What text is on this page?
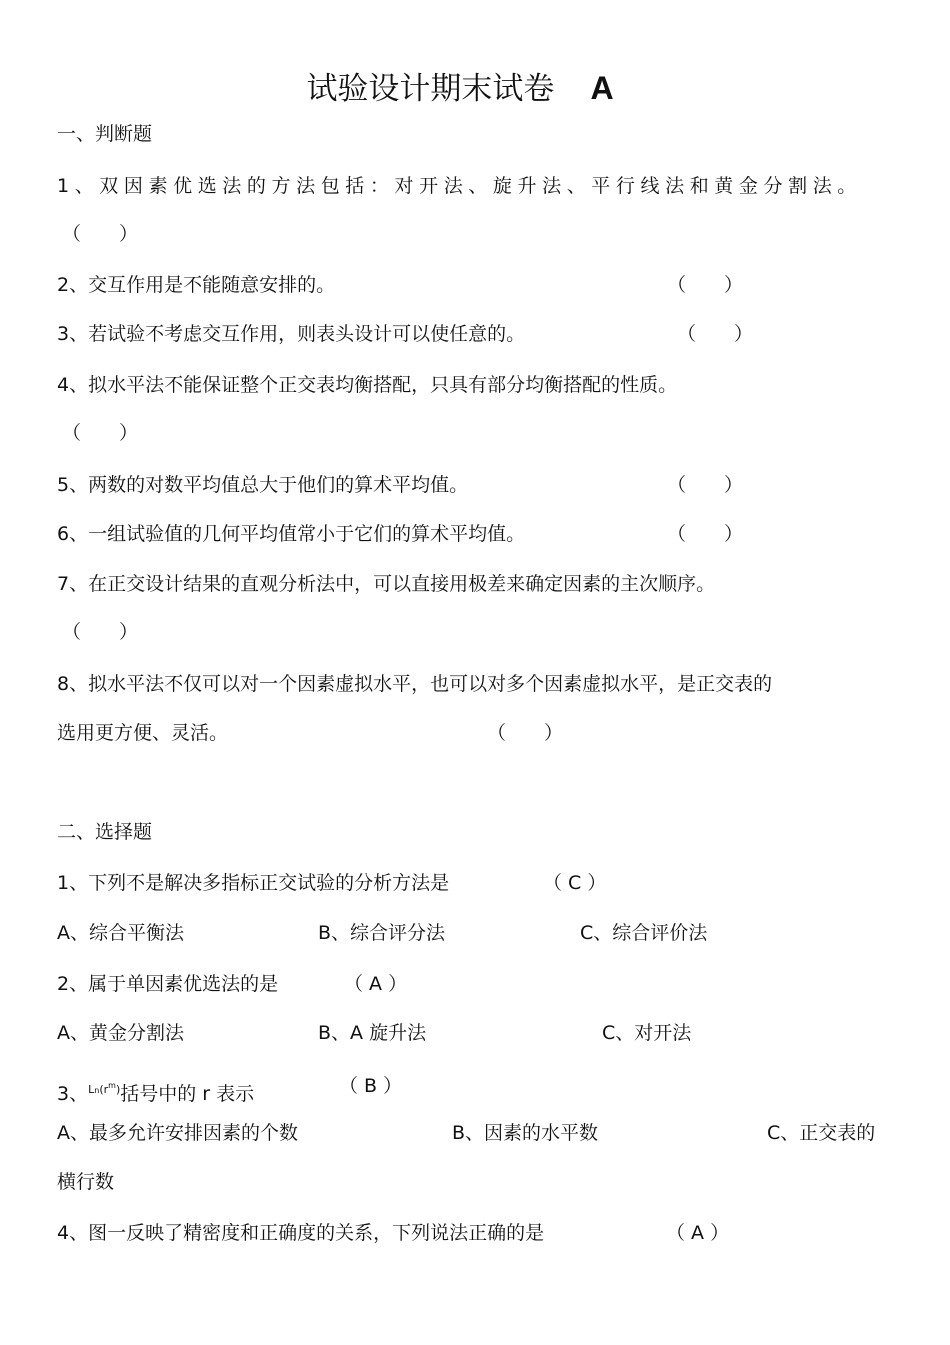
试验设计期末试卷 A
一、判断题
1、双因素优选法的方法包括：对开法、旋升法、平行线法和黄金分割法。
（　　）
2、交互作用是不能随意安排的。	（　　）
3、若试验不考虑交互作用，则表头设计可以使任意的。	（　　）
4、拟水平法不能保证整个正交表均衡搭配，只具有部分均衡搭配的性质。
（　　）
5、两数的对数平均值总大于他们的算术平均值。	（　　）
6、一组试验值的几何平均值常小于它们的算术平均值。	（　　）
7、在正交设计结果的直观分析法中，可以直接用极差来确定因素的主次顺序。
（　　）
8、拟水平法不仅可以对一个因素虚拟水平，也可以对多个因素虚拟水平，是正交表的
选用更方便、灵活。	（　　）
二、选择题
1、下列不是解决多指标正交试验的分析方法是	（ C ）
A、综合平衡法	B、综合评分法	C、综合评价法
2、属于单因素优选法的是	（ A ）
A、黄金分割法	B、A 旋升法	C、对开法
3、$^{Ln(r^m)}$括号中的 r 表示	（ B ）
A、最多允许安排因素的个数	B、因素的水平数	C、正交表的
横行数
4、图一反映了精密度和正确度的关系，下列说法正确的是	（ A ）
